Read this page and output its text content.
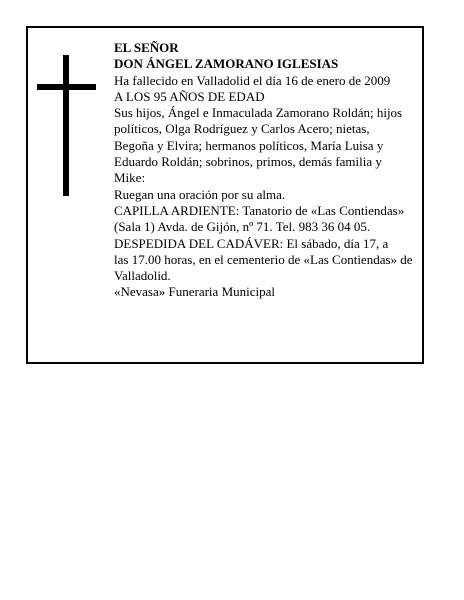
EL SEÑOR

DON ÁNGEL ZAMORANO IGLESIAS

Ha fallecido en Valladolid el día 16 de enero de 2009

A LOS 95 AÑOS DE EDAD

Sus hijos, Ángel e Inmaculada Zamorano Roldán; hijos políticos, Olga Rodríguez y Carlos Acero; nietas, Begoña y Elvira; hermanos políticos, María Luisa y Eduardo Roldán; sobrinos, primos, demás familia y Mike:

Ruegan una oración por su alma.

CAPILLA ARDIENTE: Tanatorio de «Las Contiendas» (Sala 1) Avda. de Gijón, nº 71. Tel. 983 36 04 05.

DESPEDIDA DEL CADÁVER: El sábado, día 17, a

las 17.00 horas, en el cementerio de «Las Contiendas» de

Valladolid.

«Nevasa» Funeraria Municipal
